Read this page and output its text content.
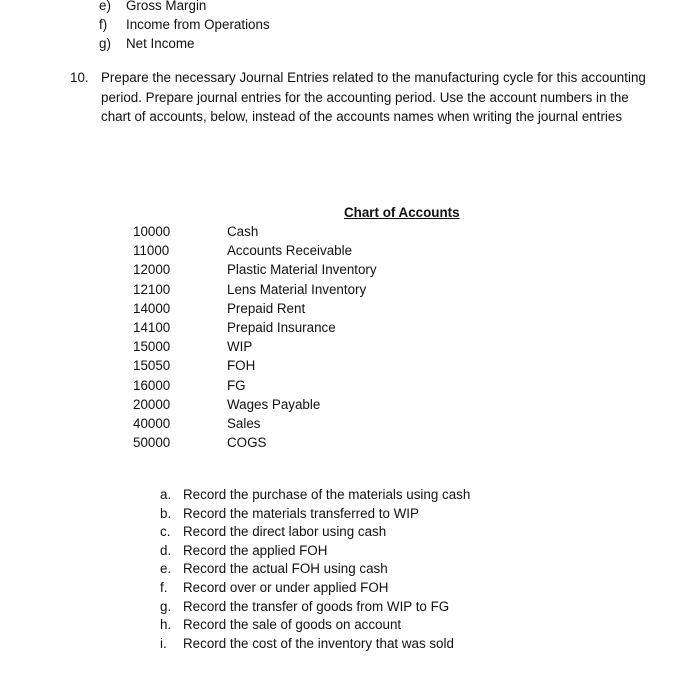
e) Gross Margin
f) Income from Operations
g) Net Income
10. Prepare the necessary Journal Entries related to the manufacturing cycle for this accounting period. Prepare journal entries for the accounting period. Use the account numbers in the chart of accounts, below, instead of the accounts names when writing the journal entries
Chart of Accounts
10000	Cash
11000	Accounts Receivable
12000	Plastic Material Inventory
12100	Lens Material Inventory
14000	Prepaid Rent
14100	Prepaid Insurance
15000	WIP
15050	FOH
16000	FG
20000	Wages Payable
40000	Sales
50000	COGS
a. Record the purchase of the materials using cash
b. Record the materials transferred to WIP
c. Record the direct labor using cash
d. Record the applied FOH
e. Record the actual FOH using cash
f. Record over or under applied FOH
g. Record the transfer of goods from WIP to FG
h. Record the sale of goods on account
i. Record the cost of the inventory that was sold
